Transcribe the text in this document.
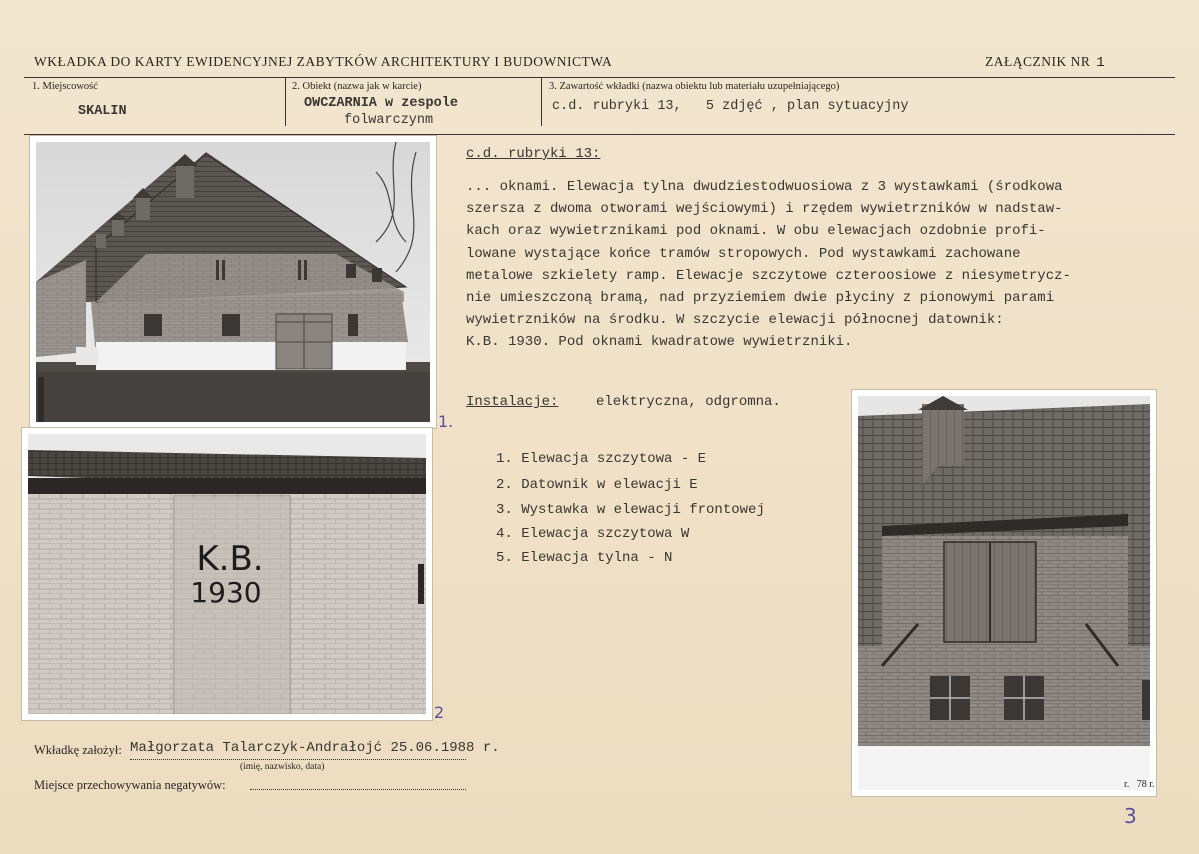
WKŁADKA DO KARTY EWIDENCYJNEJ ZABYTKÓW ARCHITEKTURY I BUDOWNICTWA	ZAŁĄCZNIK NR 1
1. Miejscowość
SKALIN
2. Obiekt (nazwa jak w karcie)
OWCZARNIA w zespole
folwarczynm
3. Zawartość wkładki (nazwa obiektu lub materiału uzupełniającego)
c.d. rubryki 13,   5 zdjęć , plan sytuacyjny
1.
K.B.
1930
2
3
c.d. rubryki 13:
... oknami. Elewacja tylna dwudziestodwuosiowa z 3 wystawkami (środkowa
szersza z dwoma otworami wejściowymi) i rzędem wywietrzników w nadstaw-
kach oraz wywietrznikami pod oknami. W obu elewacjach ozdobnie profi-
lowane wystające końce tramów stropowych. Pod wystawkami zachowane
metalowe szkielety ramp. Elewacje szczytowe czteroosiowe z niesymetrycz-
nie umieszczoną bramą, nad przyziemiem dwie płyciny z pionowymi parami
wywietrzników na środku. W szczycie elewacji północnej datownik:
K.B. 1930. Pod oknami kwadratowe wywietrzniki.
Instalacje:	elektryczna, odgromna.
1. Elewacja szczytowa - E
2. Datownik w elewacji E
3. Wystawka w elewacji frontowej
4. Elewacja szczytowa W
5. Elewacja tylna - N
Wkładkę założył: Małgorzata Talarczyk-Andrałojć 25.06.1988 r.
(imię, nazwisko, data)
Miejsce przechowywania negatywów:	r.   78 r.
